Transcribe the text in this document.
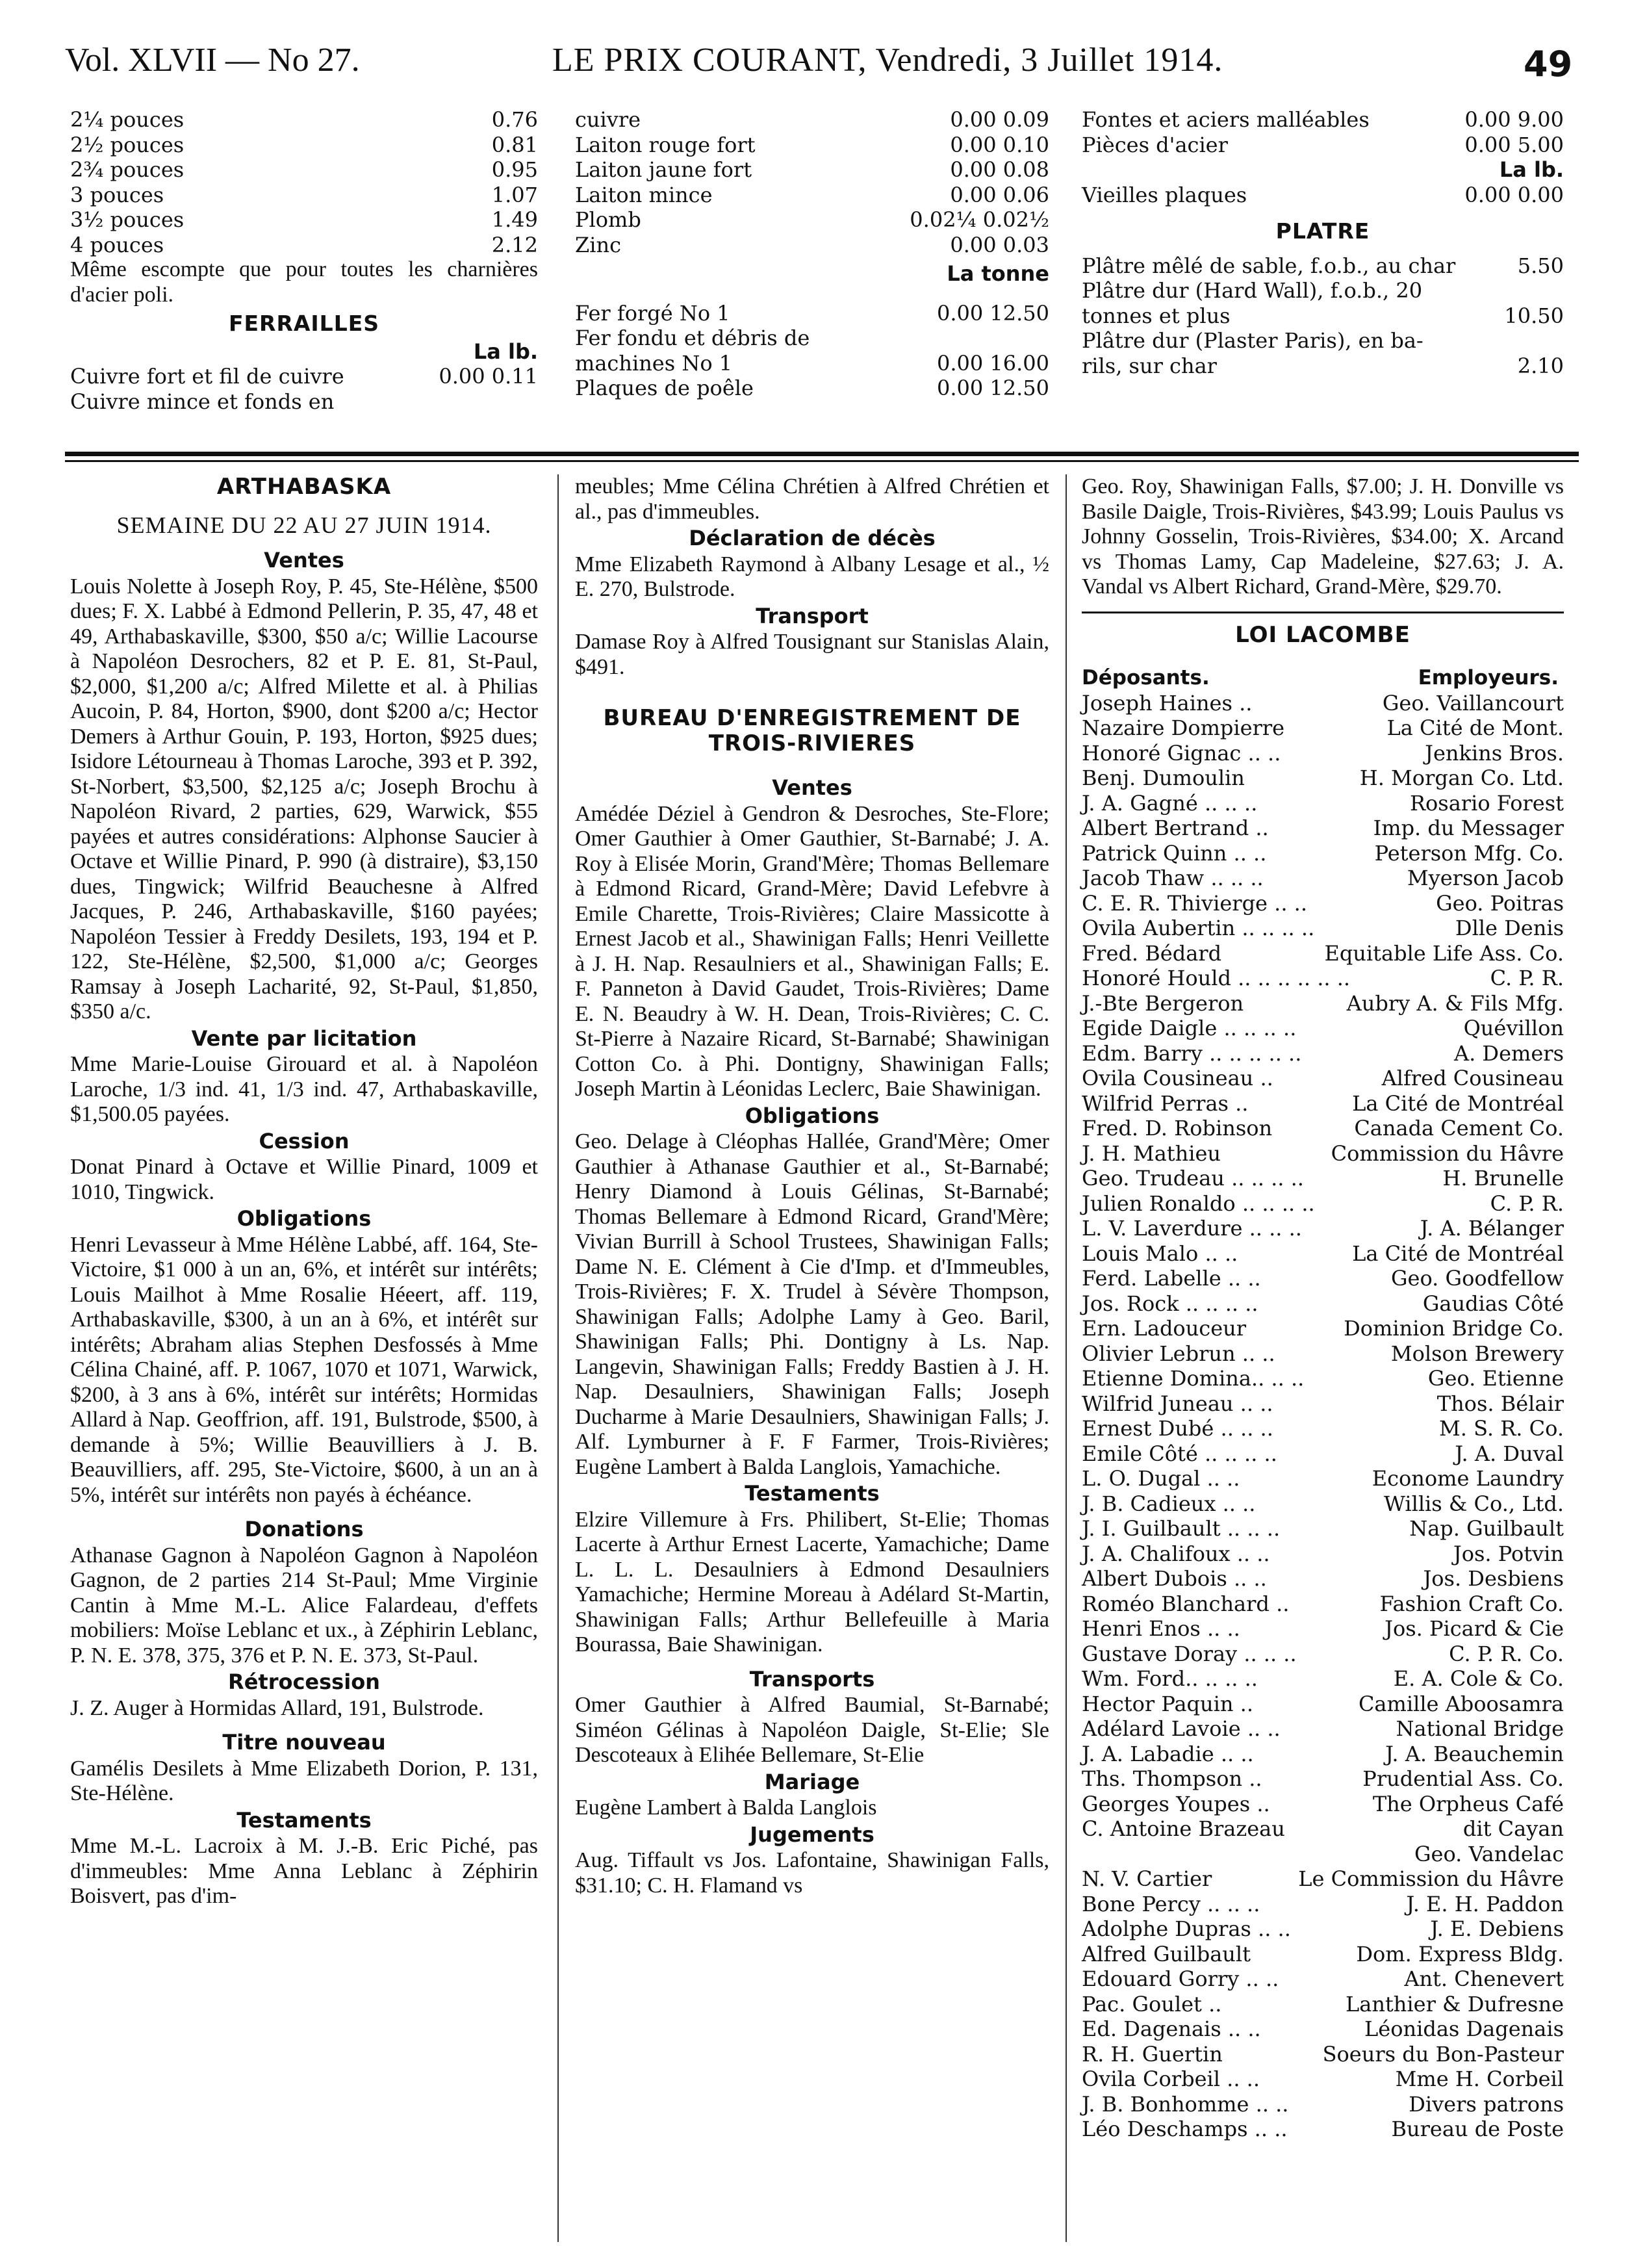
Vol. XLVII — No 27.	LE PRIX COURANT, Vendredi, 3 Juillet 1914.	49
2¼ pouces	0.76
2½ pouces	0.81
2¾ pouces	0.95
3 pouces	1.07
3½ pouces	1.49
4 pouces	2.12

Même escompte que pour toutes les charnières d'acier poli.

FERRAILLES
La lb.
Cuivre fort et fil de cuivre	0.00 0.11
Cuivre mince et fonds en
cuivre	0.00 0.09
Laiton rouge fort	0.00 0.10
Laiton jaune fort	0.00 0.08
Laiton mince	0.00 0.06
Plomb	0.02¼ 0.02½
Zinc	0.00 0.03
La tonne
Fer forgé No 1	0.00 12.50
Fer fondu et débris de
machines No 1	0.00 16.00
Plaques de poêle	0.00 12.50
Fontes et aciers malléables	0.00 9.00
Pièces d'acier	0.00 5.00
La lb.
Vieilles plaques	0.00 0.00
PLATRE
Plâtre mêlé de sable, f.o.b., au char	5.50
Plâtre dur (Hard Wall), f.o.b., 20
tonnes et plus	10.50
Plâtre dur (Plaster Paris), en ba-
rils, sur char	2.10
ARTHABASKA
SEMAINE DU 22 AU 27 JUIN 1914.
Ventes

Louis Nolette à Joseph Roy, P. 45, Ste-Hélène, $500 dues; F. X. Labbé à Edmond Pellerin, P. 35, 47, 48 et 49, Arthabaskaville, $300, $50 a/c; Willie Lacourse à Napoléon Desrochers, 82 et P. E. 81, St-Paul, $2,000, $1,200 a/c; Alfred Milette et al. à Philias Aucoin, P. 84, Horton, $900, dont $200 a/c; Hector Demers à Arthur Gouin, P. 193, Horton, $925 dues; Isidore Létourneau à Thomas Laroche, 393 et P. 392, St-Norbert, $3,500, $2,125 a/c; Joseph Brochu à Napoléon Rivard, 2 parties, 629, Warwick, $55 payées et autres considérations: Alphonse Saucier à Octave et Willie Pinard, P. 990 (à distraire), $3,150 dues, Tingwick; Wilfrid Beauchesne à Alfred Jacques, P. 246, Arthabaskaville, $160 payées; Napoléon Tessier à Freddy Desilets, 193, 194 et P. 122, Ste-Hélène, $2,500, $1,000 a/c; Georges Ramsay à Joseph Lacharité, 92, St-Paul, $1,850, $350 a/c.

Vente par licitation

Mme Marie-Louise Girouard et al. à Napoléon Laroche, 1/3 ind. 41, 1/3 ind. 47, Arthabaskaville, $1,500.05 payées.

Cession

Donat Pinard à Octave et Willie Pinard, 1009 et 1010, Tingwick.

Obligations

Henri Levasseur à Mme Hélène Labbé, aff. 164, Ste-Victoire, $1 000 à un an, 6%, et intérêt sur intérêts; Louis Mailhot à Mme Rosalie Héeert, aff. 119, Arthabaskaville, $300, à un an à 6%, et intérêt sur intérêts; Abraham alias Stephen Desfossés à Mme Célina Chainé, aff. P. 1067, 1070 et 1071, Warwick, $200, à 3 ans à 6%, intérêt sur intérêts; Hormidas Allard à Nap. Geoffrion, aff. 191, Bulstrode, $500, à demande à 5%; Willie Beauvilliers à J. B. Beauvilliers, aff. 295, Ste-Victoire, $600, à un an à 5%, intérêt sur intérêts non payés à échéance.

Donations

Athanase Gagnon à Napoléon Gagnon à Napoléon Gagnon, de 2 parties 214 St-Paul; Mme Virginie Cantin à Mme M.-L. Alice Falardeau, d'effets mobiliers: Moïse Leblanc et ux., à Zéphirin Leblanc, P. N. E. 378, 375, 376 et P. N. E. 373, St-Paul.

Rétrocession

J. Z. Auger à Hormidas Allard, 191, Bulstrode.

Titre nouveau

Gamélis Desilets à Mme Elizabeth Dorion, P. 131, Ste-Hélène.

Testaments

Mme M.-L. Lacroix à M. J.-B. Eric Piché, pas d'immeubles: Mme Anna Leblanc à Zéphirin Boisvert, pas d'im-

meubles; Mme Célina Chrétien à Alfred Chrétien et al., pas d'immeubles.

Déclaration de décès

Mme Elizabeth Raymond à Albany Lesage et al., ½ E. 270, Bulstrode.

Transport

Damase Roy à Alfred Tousignant sur Stanislas Alain, $491.

BUREAU D'ENREGISTREMENT DE TROIS-RIVIERES
Ventes

Amédée Déziel à Gendron & Desroches, Ste-Flore; Omer Gauthier à Omer Gauthier, St-Barnabé; J. A. Roy à Elisée Morin, Grand'Mère; Thomas Bellemare à Edmond Ricard, Grand-Mère; David Lefebvre à Emile Charette, Trois-Rivières; Claire Massicotte à Ernest Jacob et al., Shawinigan Falls; Henri Veillette à J. H. Nap. Resaulniers et al., Shawinigan Falls; E. F. Panneton à David Gaudet, Trois-Rivières; Dame E. N. Beaudry à W. H. Dean, Trois-Rivières; C. C. St-Pierre à Nazaire Ricard, St-Barnabé; Shawinigan Cotton Co. à Phi. Dontigny, Shawinigan Falls; Joseph Martin à Léonidas Leclerc, Baie Shawinigan.

Obligations

Geo. Delage à Cléophas Hallée, Grand'Mère; Omer Gauthier à Athanase Gauthier et al., St-Barnabé; Henry Diamond à Louis Gélinas, St-Barnabé; Thomas Bellemare à Edmond Ricard, Grand'Mère; Vivian Burrill à School Trustees, Shawinigan Falls; Dame N. E. Clément à Cie d'Imp. et d'Immeubles, Trois-Rivières; F. X. Trudel à Sévère Thompson, Shawinigan Falls; Adolphe Lamy à Geo. Baril, Shawinigan Falls; Phi. Dontigny à Ls. Nap. Langevin, Shawinigan Falls; Freddy Bastien à J. H. Nap. Desaulniers, Shawinigan Falls; Joseph Ducharme à Marie Desaulniers, Shawinigan Falls; J. Alf. Lymburner à F. F Farmer, Trois-Rivières; Eugène Lambert à Balda Langlois, Yamachiche.

Testaments

Elzire Villemure à Frs. Philibert, St-Elie; Thomas Lacerte à Arthur Ernest Lacerte, Yamachiche; Dame L. L. L. Desaulniers à Edmond Desaulniers Yamachiche; Hermine Moreau à Adélard St-Martin, Shawinigan Falls; Arthur Bellefeuille à Maria Bourassa, Baie Shawinigan.

Transports

Omer Gauthier à Alfred Baumial, St-Barnabé; Siméon Gélinas à Napoléon Daigle, St-Elie; Sle Descoteaux à Elihée Bellemare, St-Elie

Mariage

Eugène Lambert à Balda Langlois

Jugements

Aug. Tiffault vs Jos. Lafontaine, Shawinigan Falls, $31.10; C. H. Flamand vs

Geo. Roy, Shawinigan Falls, $7.00; J. H. Donville vs Basile Daigle, Trois-Rivières, $43.99; Louis Paulus vs Johnny Gosselin, Trois-Rivières, $34.00; X. Arcand vs Thomas Lamy, Cap Madeleine, $27.63; J. A. Vandal vs Albert Richard, Grand-Mère, $29.70.

LOI LACOMBE
Déposants.	Employeurs.
Joseph Haines ..	Geo. Vaillancourt
Nazaire Dompierre	La Cité de Mont.
Honoré Gignac .. ..	Jenkins Bros.
Benj. Dumoulin	H. Morgan Co. Ltd.
J. A. Gagné .. .. ..	Rosario Forest
Albert Bertrand ..	Imp. du Messager
Patrick Quinn .. ..	Peterson Mfg. Co.
Jacob Thaw .. .. ..	Myerson Jacob
C. E. R. Thivierge .. ..	Geo. Poitras
Ovila Aubertin .. .. .. ..	Dlle Denis
Fred. Bédard	Equitable Life Ass. Co.
Honoré Hould .. .. .. .. .. ..	C. P. R.
J.-Bte Bergeron	Aubry A. & Fils Mfg.
Egide Daigle .. .. .. ..	Quévillon
Edm. Barry .. .. .. .. ..	A. Demers
Ovila Cousineau ..	Alfred Cousineau
Wilfrid Perras ..	La Cité de Montréal
Fred. D. Robinson	Canada Cement Co.
J. H. Mathieu	Commission du Hâvre
Geo. Trudeau .. .. .. ..	H. Brunelle
Julien Ronaldo .. .. .. ..	C. P. R.
L. V. Laverdure .. .. ..	J. A. Bélanger
Louis Malo .. ..	La Cité de Montréal
Ferd. Labelle .. ..	Geo. Goodfellow
Jos. Rock .. .. .. ..	Gaudias Côté
Ern. Ladouceur	Dominion Bridge Co.
Olivier Lebrun .. ..	Molson Brewery
Etienne Domina.. .. ..	Geo. Etienne
Wilfrid Juneau .. ..	Thos. Bélair
Ernest Dubé .. .. ..	M. S. R. Co.
Emile Côté .. .. .. ..	J. A. Duval
L. O. Dugal .. ..	Econome Laundry
J. B. Cadieux .. ..	Willis & Co., Ltd.
J. I. Guilbault .. .. ..	Nap. Guilbault
J. A. Chalifoux .. ..	Jos. Potvin
Albert Dubois .. ..	Jos. Desbiens
Roméo Blanchard ..	Fashion Craft Co.
Henri Enos .. ..	Jos. Picard & Cie
Gustave Doray .. .. ..	C. P. R. Co.
Wm. Ford.. .. .. ..	E. A. Cole & Co.
Hector Paquin ..	Camille Aboosamra
Adélard Lavoie .. ..	National Bridge
J. A. Labadie .. ..	J. A. Beauchemin
Ths. Thompson ..	Prudential Ass. Co.
Georges Youpes ..	The Orpheus Café
C. Antoine Brazeau	dit Cayan
Geo. Vandelac
N. V. Cartier	Le Commission du Hâvre
Bone Percy .. .. ..	J. E. H. Paddon
Adolphe Dupras .. ..	J. E. Debiens
Alfred Guilbault	Dom. Express Bldg.
Edouard Gorry .. ..	Ant. Chenevert
Pac. Goulet ..	Lanthier & Dufresne
Ed. Dagenais .. ..	Léonidas Dagenais
R. H. Guertin	Soeurs du Bon-Pasteur
Ovila Corbeil .. ..	Mme H. Corbeil
J. B. Bonhomme .. ..	Divers patrons
Léo Deschamps .. ..	Bureau de Poste
